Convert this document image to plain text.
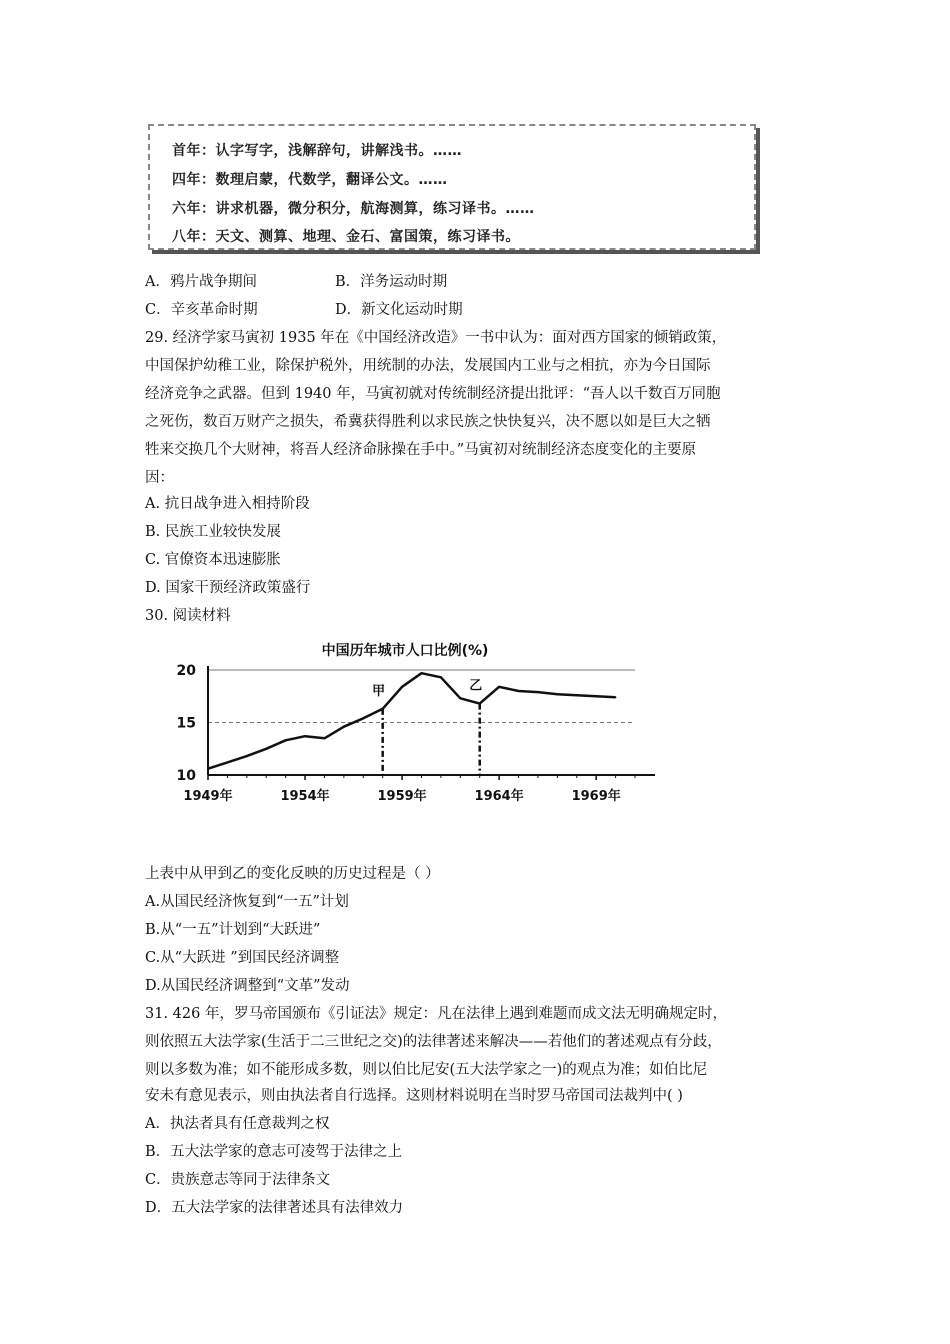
首年：认字写字，浅解辞句，讲解浅书。……
四年：数理启蒙，代数学，翻译公文。……
六年：讲求机器，微分积分，航海测算，练习译书。……
八年：天文、测算、地理、金石、富国策，练习译书。
A．鸦片战争期间	B．洋务运动时期
C．辛亥革命时期	D．新文化运动时期
29. 经济学家马寅初 1935 年在《中国经济改造》一书中认为：面对西方国家的倾销政策，
中国保护幼稚工业，除保护税外，用统制的办法，发展国内工业与之相抗，亦为今日国际
经济竞争之武器。但到 1940 年，马寅初就对传统制经济提出批评：“吾人以千数百万同胞
之死伤，数百万财产之损失，希冀获得胜利以求民族之快快复兴，决不愿以如是巨大之牺
牲来交换几个大财神，将吾人经济命脉操在手中。”马寅初对统制经济态度变化的主要原
因：
A. 抗日战争进入相持阶段
B. 民族工业较快发展
C. 官僚资本迅速膨胀
D. 国家干预经济政策盛行
30. 阅读材料
中国历年城市人口比例(%)
20
15
10
1949年	1954年	1959年	1964年	1969年
甲	乙
上表中从甲到乙的变化反映的历史过程是（ ）
A.从国民经济恢复到“一五”计划
B.从“一五”计划到“大跃进”
C.从“大跃进 ”到国民经济调整
D.从国民经济调整到“文革”发动
31. 426 年，罗马帝国颁布《引证法》规定：凡在法律上遇到难题而成文法无明确规定时，
则依照五大法学家(生活于二三世纪之交)的法律著述来解决——若他们的著述观点有分歧，
则以多数为准；如不能形成多数，则以伯比尼安(五大法学家之一)的观点为准；如伯比尼
安未有意见表示，则由执法者自行选择。这则材料说明在当时罗马帝国司法裁判中( )
A．执法者具有任意裁判之权
B．五大法学家的意志可凌驾于法律之上
C．贵族意志等同于法律条文
D．五大法学家的法律著述具有法律效力
